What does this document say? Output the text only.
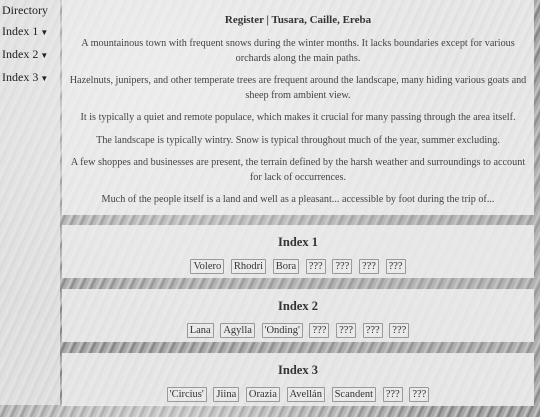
Directory
Index 1 ▼
Index 2 ▼
Index 3 ▼
Register | Tusara, Caille, Ereba

A mountainous town with frequent snows during the winter months. It lacks boundaries except for various orchards along the main paths.

Hazelnuts, junipers, and other temperate trees are frequent around the landscape, many hiding various goats and sheep from ambient view.

It is typically a quiet and remote populace, which makes it crucial for many passing through the area itself.

The landscape is typically wintry. Snow is typical throughout much of the year, summer excluding.

A few shoppes and businesses are present, the terrain defined by the harsh weather and surroundings to account for lack of occurrences.

Much of the people itself is a land and well as a pleasant... accessible by foot during the trip of...

Index 1
Volero Rhodri Bora ??? ??? ??? ???
Index 2
Lana Agylla 'Onding' ??? ??? ??? ???
Index 3
'Circius' Jiina Orazia Avellán Scandent ??? ???
